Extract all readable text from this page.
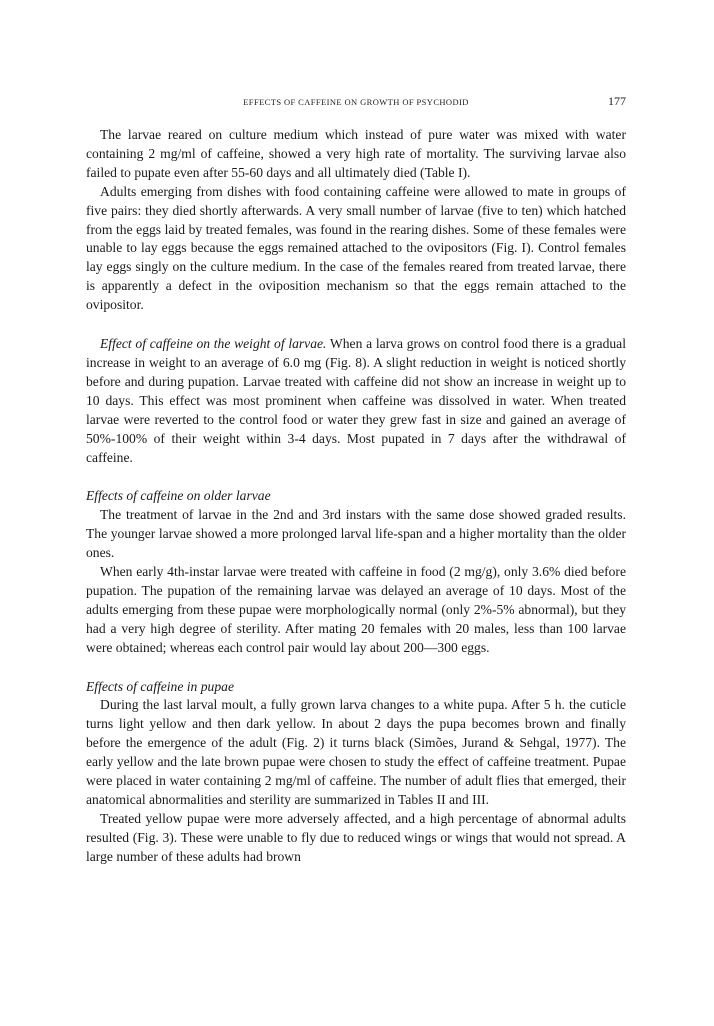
EFFECTS OF CAFFEINE ON GROWTH OF PSYCHODID	177

The larvae reared on culture medium which instead of pure water was mixed with water containing 2 mg/ml of caffeine, showed a very high rate of mortality. The surviving larvae also failed to pupate even after 55-60 days and all ultimately died (Table I).

Adults emerging from dishes with food containing caffeine were allowed to mate in groups of five pairs: they died shortly afterwards. A very small number of larvae (five to ten) which hatched from the eggs laid by treated females, was found in the rearing dishes. Some of these females were unable to lay eggs because the eggs remained attached to the ovipositors (Fig. I). Control females lay eggs singly on the culture medium. In the case of the females reared from treated larvae, there is apparently a defect in the oviposition mechanism so that the eggs remain attached to the ovipositor.

Effect of caffeine on the weight of larvae. When a larva grows on control food there is a gradual increase in weight to an average of 6.0 mg (Fig. 8). A slight reduction in weight is noticed shortly before and during pupation. Larvae treated with caffeine did not show an increase in weight up to 10 days. This effect was most prominent when caffeine was dissolved in water. When treated larvae were reverted to the control food or water they grew fast in size and gained an average of 50%-100% of their weight within 3-4 days. Most pupated in 7 days after the withdrawal of caffeine.

Effects of caffeine on older larvae

The treatment of larvae in the 2nd and 3rd instars with the same dose showed graded results. The younger larvae showed a more prolonged larval life-span and a higher mortality than the older ones.

When early 4th-instar larvae were treated with caffeine in food (2 mg/g), only 3.6% died before pupation. The pupation of the remaining larvae was delayed an average of 10 days. Most of the adults emerging from these pupae were morphologically normal (only 2%-5% abnormal), but they had a very high degree of sterility. After mating 20 females with 20 males, less than 100 larvae were obtained; whereas each control pair would lay about 200—300 eggs.

Effects of caffeine in pupae

During the last larval moult, a fully grown larva changes to a white pupa. After 5 h. the cuticle turns light yellow and then dark yellow. In about 2 days the pupa becomes brown and finally before the emergence of the adult (Fig. 2) it turns black (Simões, Jurand & Sehgal, 1977). The early yellow and the late brown pupae were chosen to study the effect of caffeine treatment. Pupae were placed in water containing 2 mg/ml of caffeine. The number of adult flies that emerged, their anatomical abnormalities and sterility are summarized in Tables II and III.

Treated yellow pupae were more adversely affected, and a high percentage of abnormal adults resulted (Fig. 3). These were unable to fly due to reduced wings or wings that would not spread. A large number of these adults had brown
